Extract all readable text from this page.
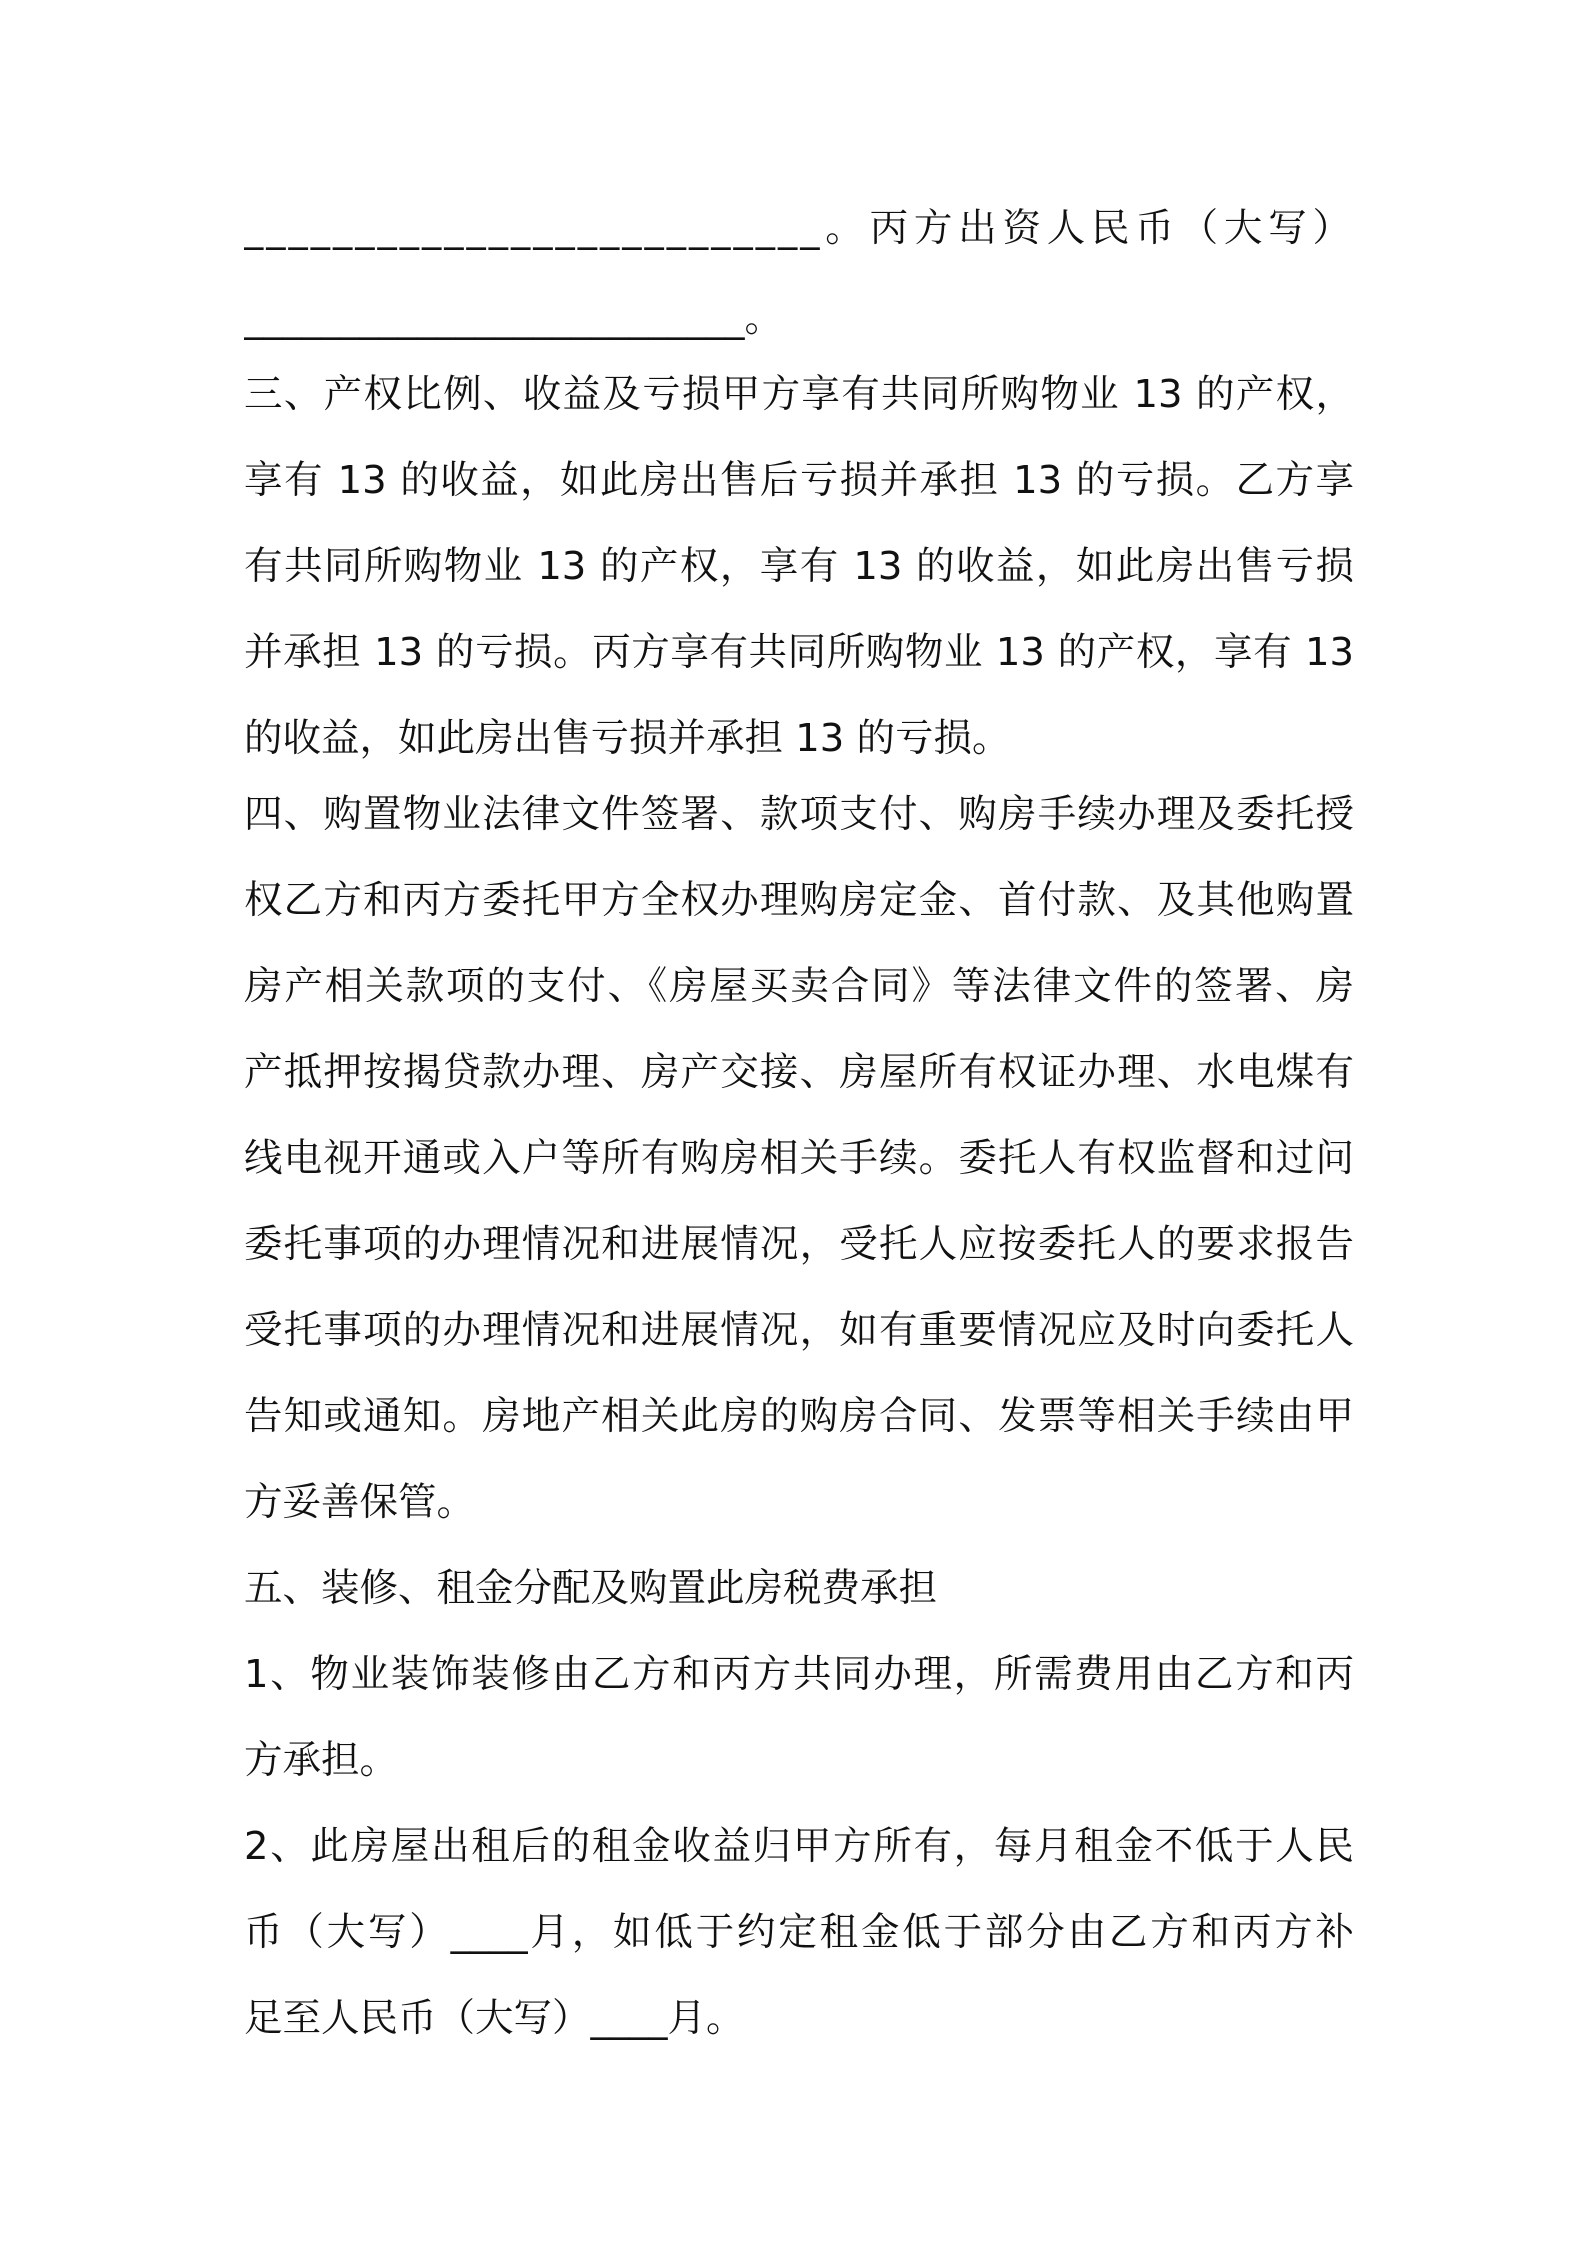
__________________________。丙方出资人民币（大写）

__________________________。

三、产权比例、收益及亏损甲方享有共同所购物业 13 的产权，

享有 13 的收益，如此房出售后亏损并承担 13 的亏损。乙方享

有共同所购物业 13 的产权，享有 13 的收益，如此房出售亏损

并承担 13 的亏损。丙方享有共同所购物业 13 的产权，享有 13

的收益，如此房出售亏损并承担 13 的亏损。

四、购置物业法律文件签署、款项支付、购房手续办理及委托授

权乙方和丙方委托甲方全权办理购房定金、首付款、及其他购置

房产相关款项的支付、《房屋买卖合同》等法律文件的签署、房

产抵押按揭贷款办理、房产交接、房屋所有权证办理、水电煤有

线电视开通或入户等所有购房相关手续。委托人有权监督和过问

委托事项的办理情况和进展情况，受托人应按委托人的要求报告

受托事项的办理情况和进展情况，如有重要情况应及时向委托人

告知或通知。房地产相关此房的购房合同、发票等相关手续由甲

方妥善保管。

五、装修、租金分配及购置此房税费承担

1、物业装饰装修由乙方和丙方共同办理，所需费用由乙方和丙

方承担。

2、此房屋出租后的租金收益归甲方所有，每月租金不低于人民

币（大写）____月，如低于约定租金低于部分由乙方和丙方补

足至人民币（大写）____月。
